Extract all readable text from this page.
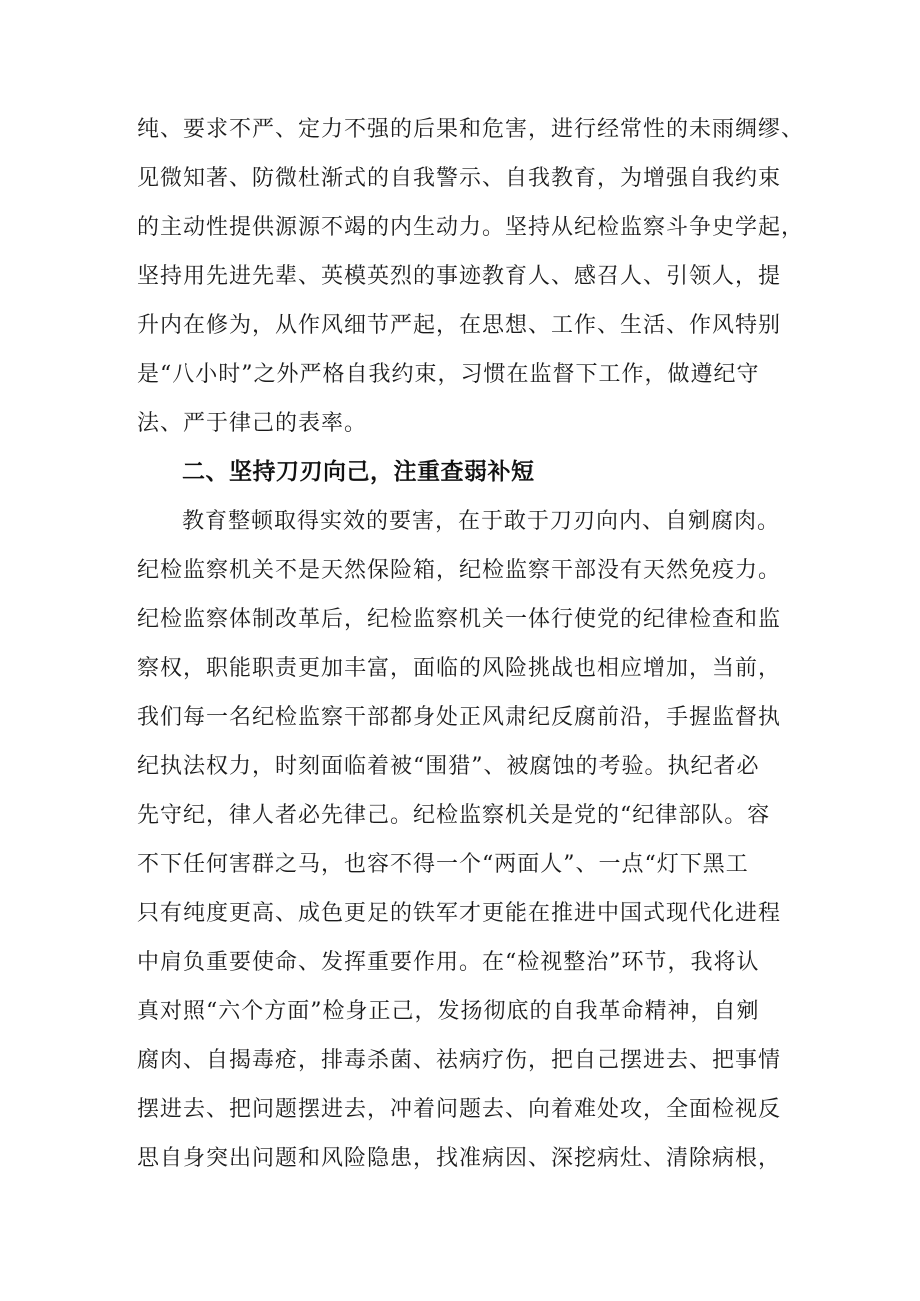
纯、要求不严、定力不强的后果和危害，进行经常性的未雨绸缪、
见微知著、防微杜渐式的自我警示、自我教育，为增强自我约束
的主动性提供源源不竭的内生动力。坚持从纪检监察斗争史学起，
坚持用先进先辈、英模英烈的事迹教育人、感召人、引领人，提
升内在修为，从作风细节严起，在思想、工作、生活、作风特别
是“八小时”之外严格自我约束，习惯在监督下工作，做遵纪守
法、严于律己的表率。
二、坚持刀刃向己，注重查弱补短
教育整顿取得实效的要害，在于敢于刀刃向内、自剜腐肉。
纪检监察机关不是天然保险箱，纪检监察干部没有天然免疫力。
纪检监察体制改革后，纪检监察机关一体行使党的纪律检查和监
察权，职能职责更加丰富，面临的风险挑战也相应增加，当前，
我们每一名纪检监察干部都身处正风肃纪反腐前沿，手握监督执
纪执法权力，时刻面临着被“围猎”、被腐蚀的考验。执纪者必
先守纪，律人者必先律己。纪检监察机关是党的“纪律部队。容
不下任何害群之马，也容不得一个“两面人”、一点“灯下黑工
只有纯度更高、成色更足的铁军才更能在推进中国式现代化进程
中肩负重要使命、发挥重要作用。在“检视整治”环节，我将认
真对照“六个方面”检身正己，发扬彻底的自我革命精神，自剜
腐肉、自揭毒疮，排毒杀菌、祛病疗伤，把自己摆进去、把事情
摆进去、把问题摆进去，冲着问题去、向着难处攻，全面检视反
思自身突出问题和风险隐患，找准病因、深挖病灶、清除病根，
